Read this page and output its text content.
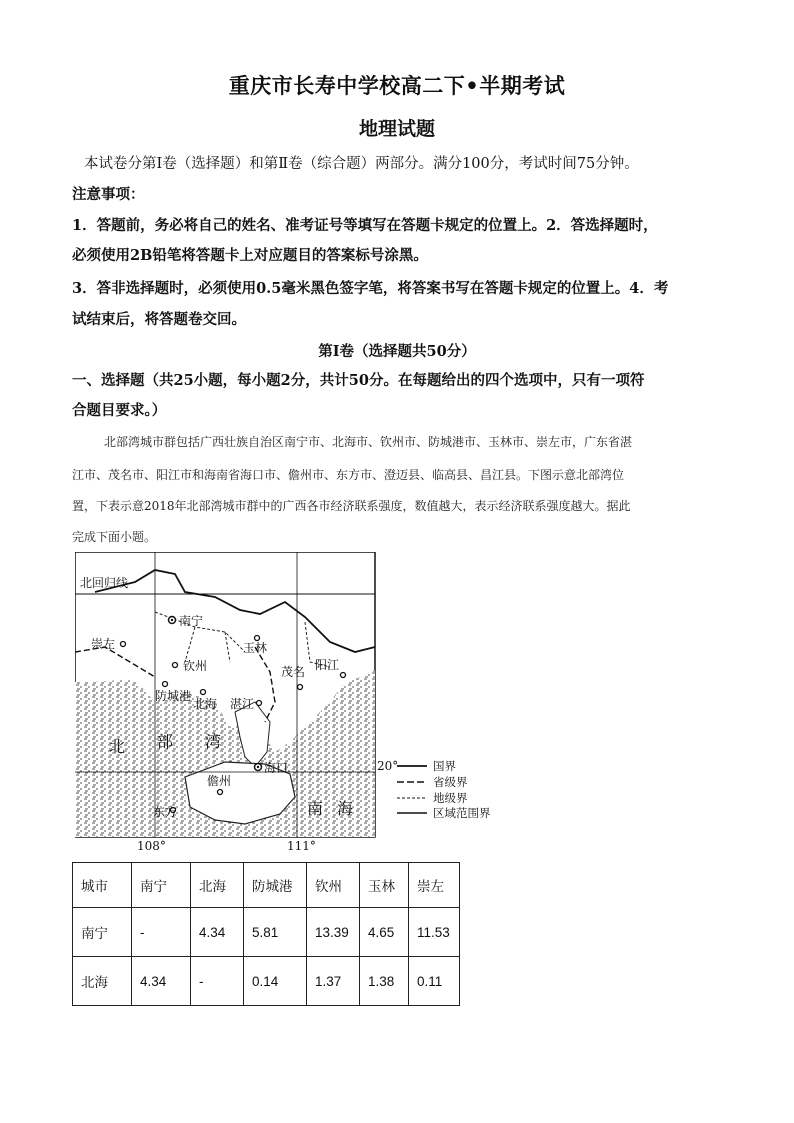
重庆市长寿中学校高二下•半期考试
地理试题
本试卷分第Ⅰ卷（选择题）和第Ⅱ卷（综合题）两部分。满分100分，考试时间75分钟。
注意事项：
1．答题前，务必将自己的姓名、准考证号等填写在答题卡规定的位置上。2．答选择题时，
必须使用2B铅笔将答题卡上对应题目的答案标号涂黑。
3．答非选择题时，必须使用0.5毫米黑色签字笔，将答案书写在答题卡规定的位置上。4．考
试结束后，将答题卷交回。
第Ⅰ卷（选择题共50分）
一、选择题（共25小题，每小题2分，共计50分。在每题给出的四个选项中，只有一项符
合题目要求。）
北部湾城市群包括广西壮族自治区南宁市、北海市、钦州市、防城港市、玉林市、崇左市，广东省湛
江市、茂名市、阳江市和海南省海口市、儋州市、东方市、澄迈县、临高县、昌江县。下图示意北部湾位
置，下表示意2018年北部湾城市群中的广西各市经济联系强度，数值越大，表示经济联系强度越大。据此
完成下面小题。
北回归线
南宁
崇左	玉林
钦州
防城港
北海 湛江
茂名 阳江
海口
儋州
东方
北 部 湾
南 海
20°
108°	111°
国界
省级界
地级界
区域范围界
城市	南宁	北海	防城港	钦州	玉林	崇左
南宁	-	4.34	5.81	13.39	4.65	11.53
北海	4.34	-	0.14	1.37	1.38	0.11
